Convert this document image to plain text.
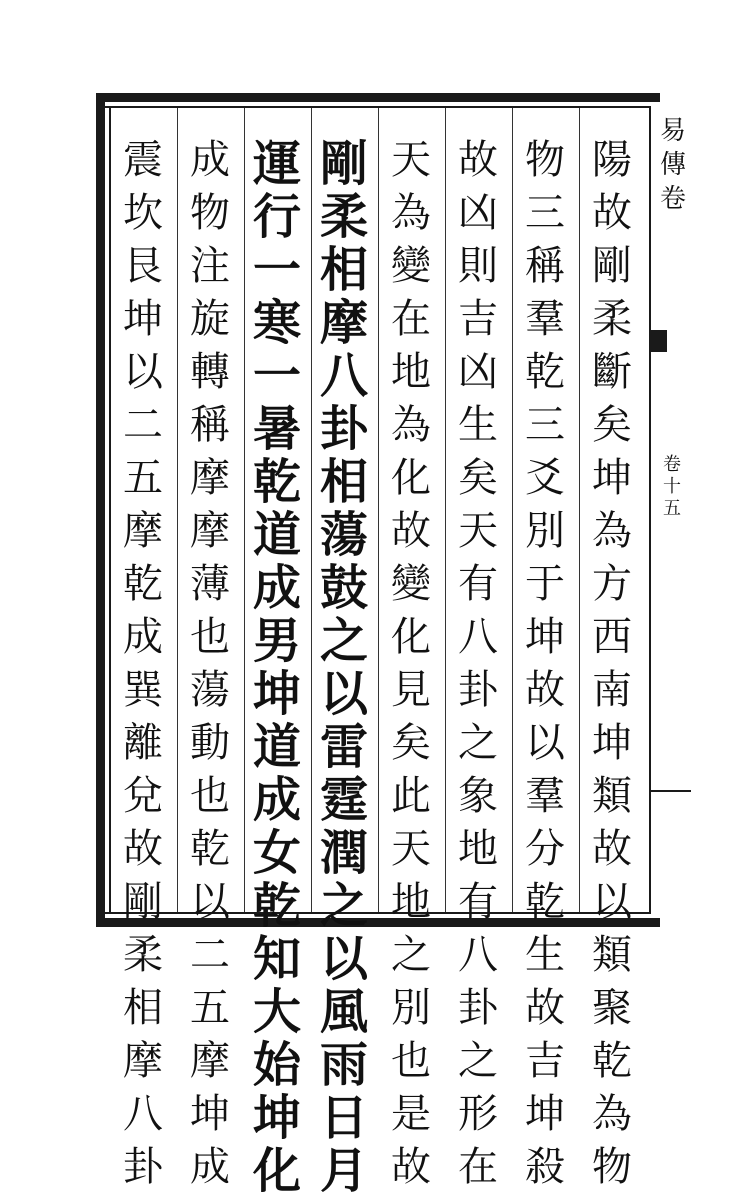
易
傳
卷
卷
十
五
陽
故
剛
柔
斷
矣
坤
為
方
西
南
坤
類
故
以
類
聚
乾
為
物
物
三
稱
羣
乾
三
爻
別
于
坤
故
以
羣
分
乾
生
故
吉
坤
殺
故
凶
則
吉
凶
生
矣
天
有
八
卦
之
象
地
有
八
卦
之
形
在
天
為
變
在
地
為
化
故
變
化
見
矣
此
天
地
之
別
也
是
故
剛
柔
相
摩
八
卦
相
蕩
鼓
之
以
雷
霆
潤
之
以
風
雨
日
月
運
行
一
寒
一
暑
乾
道
成
男
坤
道
成
女
乾
知
大
始
坤
化
成
物
注
旋
轉
稱
摩
摩
薄
也
蕩
動
也
乾
以
二
五
摩
坤
成
震
坎
艮
坤
以
二
五
摩
乾
成
巽
離
兌
故
剛
柔
相
摩
八
卦
